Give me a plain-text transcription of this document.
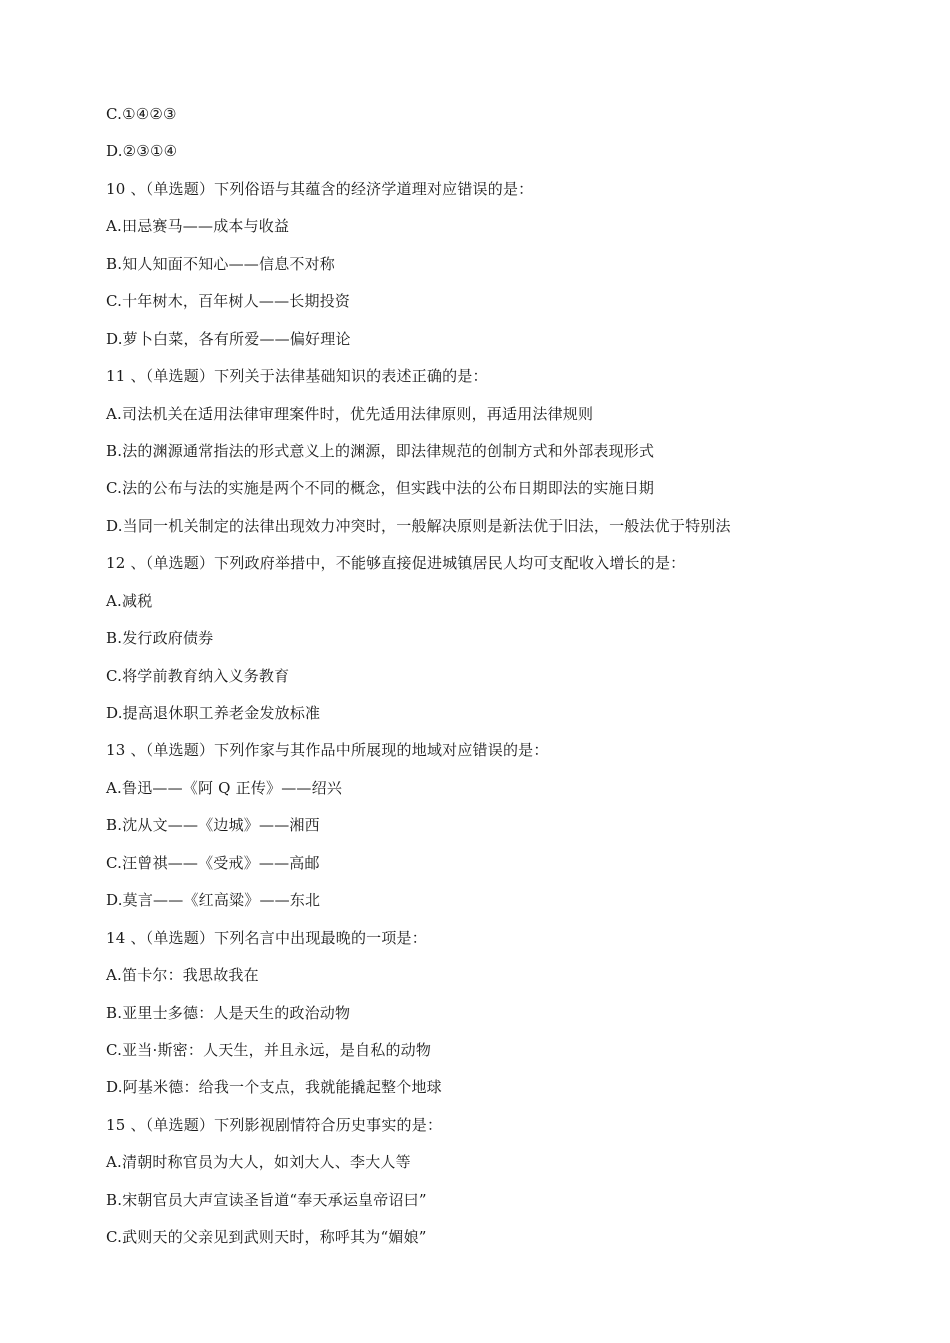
C.①④②③
D.②③①④
10 、（单选题）下列俗语与其蕴含的经济学道理对应错误的是：
A.田忌赛马——成本与收益
B.知人知面不知心——信息不对称
C.十年树木，百年树人——长期投资
D.萝卜白菜，各有所爱——偏好理论
11 、（单选题）下列关于法律基础知识的表述正确的是：
A.司法机关在适用法律审理案件时，优先适用法律原则，再适用法律规则
B.法的渊源通常指法的形式意义上的渊源，即法律规范的创制方式和外部表现形式
C.法的公布与法的实施是两个不同的概念，但实践中法的公布日期即法的实施日期
D.当同一机关制定的法律出现效力冲突时，一般解决原则是新法优于旧法，一般法优于特别法
12 、（单选题）下列政府举措中，不能够直接促进城镇居民人均可支配收入增长的是：
A.减税
B.发行政府债券
C.将学前教育纳入义务教育
D.提高退休职工养老金发放标准
13 、（单选题）下列作家与其作品中所展现的地域对应错误的是：
A.鲁迅——《阿 Q 正传》——绍兴
B.沈从文——《边城》——湘西
C.汪曾祺——《受戒》——高邮
D.莫言——《红高粱》——东北
14 、（单选题）下列名言中出现最晚的一项是：
A.笛卡尔：我思故我在
B.亚里士多德：人是天生的政治动物
C.亚当·斯密：人天生，并且永远，是自私的动物
D.阿基米德：给我一个支点，我就能撬起整个地球
15 、（单选题）下列影视剧情符合历史事实的是：
A.清朝时称官员为大人，如刘大人、李大人等
B.宋朝官员大声宣读圣旨道“奉天承运皇帝诏曰”
C.武则天的父亲见到武则天时，称呼其为“媚娘”
